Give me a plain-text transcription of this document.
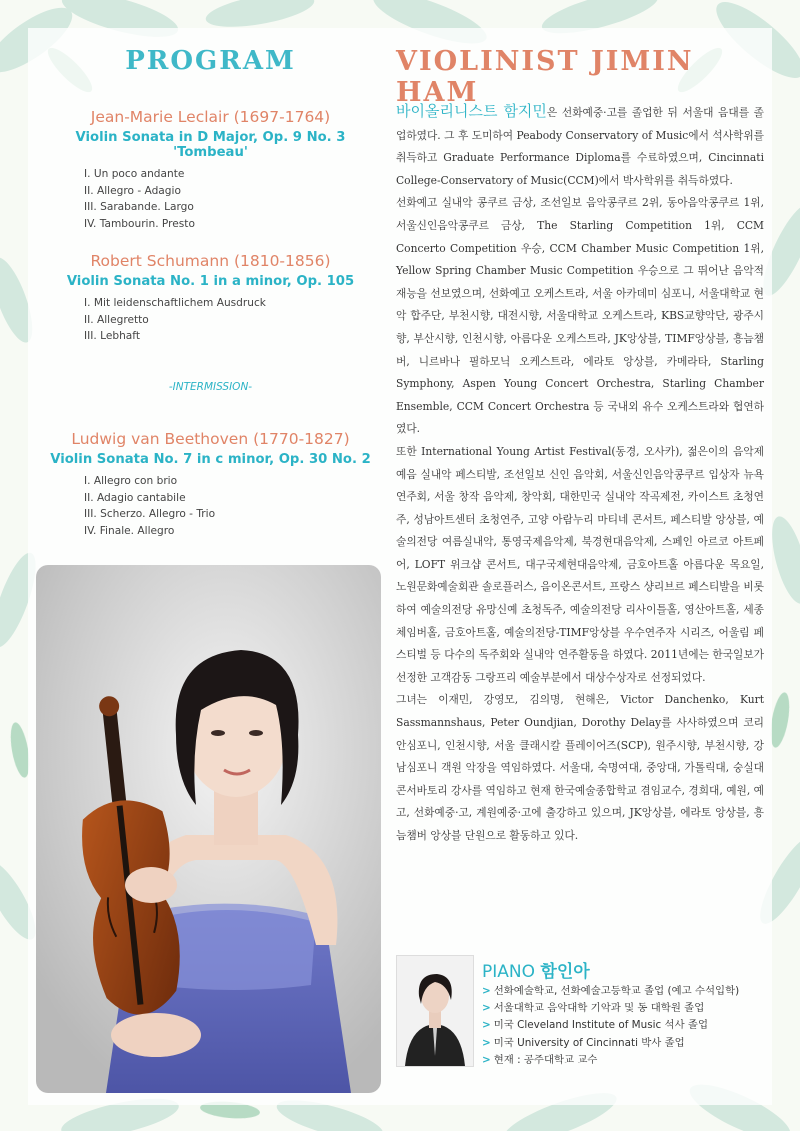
PROGRAM

Jean-Marie Leclair (1697-1764)

Violin Sonata in D Major, Op. 9 No. 3 'Tombeau'

I. Un poco andante
II. Allegro - Adagio
III. Sarabande. Largo
IV. Tambourin. Presto

Robert Schumann (1810-1856)

Violin Sonata No. 1 in a minor, Op. 105

I. Mit leidenschaftlichem Ausdruck
II. Allegretto
III. Lebhaft

-INTERMISSION-

Ludwig van Beethoven (1770-1827)

Violin Sonata No. 7 in c minor, Op. 30 No. 2

I. Allegro con brio
II. Adagio cantabile
III. Scherzo. Allegro - Trio
IV. Finale. Allegro
VIOLINIST JIMIN HAM

바이올리니스트 함지민은 선화예중·고를 졸업한 뒤 서울대 음대를 졸업하였다. 그 후 도미하여 Peabody Conservatory of Music에서 석사학위를 취득하고 Graduate Performance Diploma를 수료하였으며, Cincinnati College-Conservatory of Music(CCM)에서 박사학위를 취득하였다.

선화예고 실내악 콩쿠르 금상, 조선일보 음악콩쿠르 2위, 동아음악콩쿠르 1위, 서울신인음악콩쿠르 금상, The Starling Competition 1위, CCM Concerto Competition 우승, CCM Chamber Music Competition 1위, Yellow Spring Chamber Music Competition 우승으로 그 뛰어난 음악적 재능을 선보였으며, 선화예고 오케스트라, 서울 아카데미 심포니, 서울대학교 현악 합주단, 부천시향, 대전시향, 서울대학교 오케스트라, KBS교향악단, 광주시향, 부산시향, 인천시향, 아름다운 오케스트라, JK앙상블, TIMF앙상블, 흥늠챔버, 니르바나 필하모닉 오케스트라, 에라토 앙상블, 카메라타, Starling Symphony, Aspen Young Concert Orchestra, Starling Chamber Ensemble, CCM Concert Orchestra 등 국내외 유수 오케스트라와 협연하였다.

또한 International Young Artist Festival(동경, 오사카), 젊은이의 음악제 예음 실내악 페스티발, 조선일보 신인 음악회, 서울신인음악콩쿠르 입상자 뉴욕 연주회, 서울 창작 음악제, 창악회, 대한민국 실내악 작곡제전, 카이스트 초청연주, 성남아트센터 초청연주, 고양 아람누리 마티네 콘서트, 페스티발 앙상블, 예술의전당 여름실내악, 통영국제음악제, 북경현대음악제, 스페인 아르코 아트페어, LOFT 위크샵 콘서트, 대구국제현대음악제, 금호아트홀 아름다운 목요일, 노원문화예술회관 솔로플러스, 음이온콘서트, 프랑스 샹리브르 페스티발을 비롯하여 예술의전당 유망신예 초청독주, 예술의전당 리사이틀홀, 영산아트홀, 세종체임버홀, 금호아트홀, 예술의전당-TIMF앙상블 우수연주자 시리즈, 어울림 페스티벌 등 다수의 독주회와 실내악 연주활동을 하였다. 2011년에는 한국일보가 선정한 고객감동 그랑프리 예술부분에서 대상수상자로 선정되었다.

그녀는 이재민, 강영모, 김의명, 현해은, Victor Danchenko, Kurt Sassmannshaus, Peter Oundjian, Dorothy Delay를 사사하였으며 코리안심포니, 인천시향, 서울 클래시칼 플레이어즈(SCP), 원주시향, 부천시향, 강남심포니 객원 악장을 역임하였다. 서울대, 숙명여대, 중앙대, 가톨릭대, 숭실대 콘서바토리 강사를 역임하고 현재 한국예술종합학교 겸임교수, 경희대, 예원, 예고, 선화예중·고, 계원예중·고에 출강하고 있으며, JK앙상블, 에라토 앙상블, 흥늠챔버 앙상블 단원으로 활동하고 있다.

PIANO 함인아

> 선화예술학교, 선화예술고등학교 졸업 (예고 수석입학)
> 서울대학교 음악대학 기악과 및 동 대학원 졸업
> 미국 Cleveland Institute of Music 석사 졸업
> 미국 University of Cincinnati 박사 졸업
> 현재 : 공주대학교 교수
